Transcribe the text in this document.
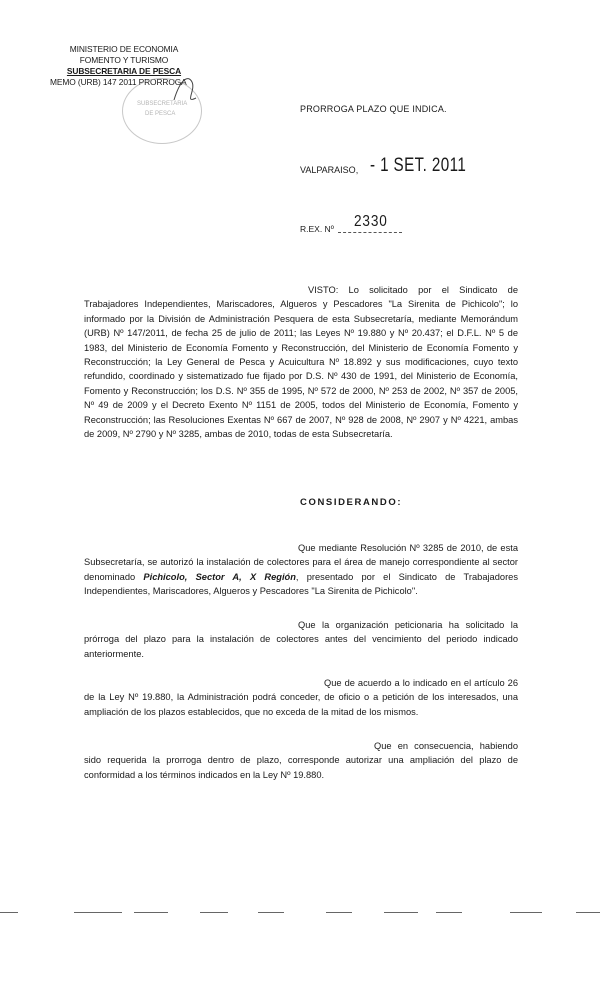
MINISTERIO DE ECONOMIA
FOMENTO Y TURISMO
SUBSECRETARIA DE PESCA
MEMO (URB) 147 2011 PRORROGA
SUBSECRETARIA
DE PESCA	PRORROGA PLAZO QUE INDICA.
VALPARAISO, - 1 SET. 2011
R.EX. Nº 2330
VISTO: Lo solicitado por el Sindicato de Trabajadores Independientes, Mariscadores, Algueros y Pescadores "La Sirenita de Pichicolo"; lo informado por la División de Administración Pesquera de esta Subsecretaría, mediante Memorándum (URB) Nº 147/2011, de fecha 25 de julio de 2011; las Leyes Nº 19.880 y Nº 20.437; el D.F.L. Nº 5 de 1983, del Ministerio de Economía Fomento y Reconstrucción, del Ministerio de Economía Fomento y Reconstrucción; la Ley General de Pesca y Acuicultura Nº 18.892 y sus modificaciones, cuyo texto refundido, coordinado y sistematizado fue fijado por D.S. Nº 430 de 1991, del Ministerio de Economía, Fomento y Reconstrucción; los D.S. Nº 355 de 1995, Nº 572 de 2000, Nº 253 de 2002, Nº 357 de 2005, Nº 49 de 2009 y el Decreto Exento Nº 1151 de 2005, todos del Ministerio de Economía, Fomento y Reconstrucción; las Resoluciones Exentas Nº 667 de 2007, Nº 928 de 2008, Nº 2907 y Nº 4221, ambas de 2009, Nº 2790 y Nº 3285, ambas de 2010, todas de esta Subsecretaría.
CONSIDERANDO:
Que mediante Resolución Nº 3285 de 2010, de esta Subsecretaría, se autorizó la instalación de colectores para el área de manejo correspondiente al sector denominado Pichicolo, Sector A, X Región, presentado por el Sindicato de Trabajadores Independientes, Mariscadores, Algueros y Pescadores "La Sirenita de Pichicolo".
Que la organización peticionaria ha solicitado la prórroga del plazo para la instalación de colectores antes del vencimiento del periodo indicado anteriormente.
Que de acuerdo a lo indicado en el artículo 26 de la Ley Nº 19.880, la Administración podrá conceder, de oficio o a petición de los interesados, una ampliación de los plazos establecidos, que no exceda de la mitad de los mismos.
Que en consecuencia, habiendo sido requerida la prorroga dentro de plazo, corresponde autorizar una ampliación del plazo de conformidad a los términos indicados en la Ley Nº 19.880.
